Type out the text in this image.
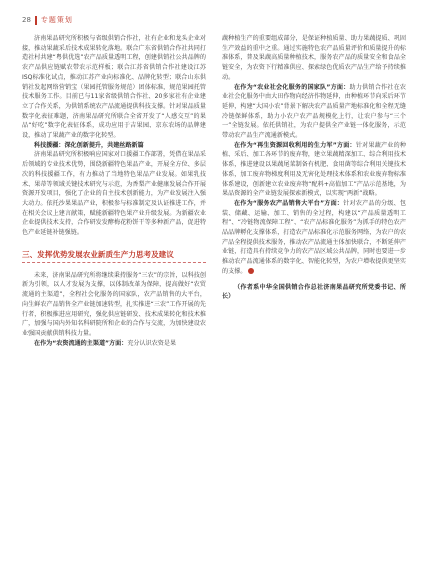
28 专题策划

济南果品研究所积极与省级供销合作社，社有企业和龙头企业对接，推动果蔬采后技术成果转化落地。联合广东省供销合作社共同打造社村共建“粤供优选”农产品质量透明工程，创建供销社公共品牌的农产品供应链赋农带农示范样板；联合江苏省供销合作社建设江苏ISQ标准化试点，推动江苏产业向标准化、品牌化转型；联合山东供销社发起网络营销宝（果园托管服务规范）团体标准，规范果园托管技术服务工作。目前已与11家省级供销合作社、20多家社有企业建立了合作关系，为供销系统农产品流通提供科技支撑。针对果品质量数字化表征难题，济南果品研究所联合全省开发了“人感交互”的果品“好吃”数字化表征体系，成功应用于吉果园、京东农场的品牌建设，推动了果蔬产业的数字化转型。

科技援疆：深化创新提升，共建丝路新篇

济南果品研究所积极响应国家对口援疆工作部署，凭借在果品采后领域的专业技术优势，围绕新疆特色果品产业，开展全方位、多层次的科技援疆工作，有力推动了当地特色果品产业发展。如果乳技术、果蒂等领域关键技术研究与示范，为香梨产业健康发展合作开展资源开发项目，强化了企业的自主技术创新能力，为产业发展注入强大动力。依托沙果果品产业，积极参与标准制定及认证推进工作，并在相关会议上建言献策，赋能新疆特色果产业升级发展。为新疆农业企业提供技术支持，合作研发发酵梅花粉饼干等多种新产品，促进特色产业延链补链强链。

三、发挥优势发展农业新质生产力思考及建议

未来，济南果品研究所将继续秉持服务“三农”的宗旨，以科技创新为引领，以人才发展为支撑，以体制改革为保障，提高做好“农贸流通的主渠道”，全程社会化服务的国家队，农产品销售的大平台，向生鲜农产品销售全产业链加速转型，扎实推进“三农”工作开展的先行者，积极推进应用研究，强化供应链研发、技术成果转化和技术推广，加强与国内外知名科研院所和企业的合作与交流，为加快建设农业强国贡献供销科技力量。

在作为“农资流通的主渠道”方面：充分认识农资是果

蔬种植生产的重要组成部分，是保证种植质量、助力果蔬提质、巩固生产效益的重中之重。通过实施特色农产品质量评价和质量提升的标准体系，普及果蔬高质量种植技术，服务农产品的质量安全和食品全链安全，为农资下行精准供应、探索绿色优质农产品生产给予持续推动。

在作为“农业社会化服务的国家队”方面：助力供销合作社在农业社会化服务中由大田作物向经济作物延伸，由种植环节向采后环节延伸，构建“大国小农”背景下解决农产品质量产地标准化和全程无缝冷链保鲜体系，助力小农户农产品规模化上行，让农户参与“三个一”全链发展。依托供销社，为农户提供全产业链一体化服务，示范带动农产品生产流通新模式。

在作为“再生资源回收利用的生力军”方面：针对果蔬产业的种植、采后、加工各环节的废弃物，建立果蔬精深加工、综合利用技术体系，推进建设以果蔬尾菜制备有机肥、食用菌等综合利用关键技术体系，加工废弃物梯度利用及无害化处理技术体系和农业废弃物标准体系建设，创新建立农业废弃物“配料+高值加工”产品示范基地，为果品资源的全产业链发展探索新模式，以实现“两新”战略。

在作为“服务农产品销售大平台”方面：针对农产品的分级、包装、储藏、运输、加工、销售的全过程，构建以“产品质量透明工程”、“冷链物流保障工程”、“农产品标准化服务”为抓手的特色农产品品牌孵化支撑体系，打造农产品标准化示范服务网络，为农户的农产品全程提供技术服务，推动农产品流通主体加快联合，不断延伸产业链，打造具有持续竞争力的农产品区域公共品牌，同时也要进一步推动农产品流通体系的数字化、智能化转型，为农户增收提供更坚实的支撑。

（作者系中华全国供销合作总社济南果品研究所党委书记、所长）
